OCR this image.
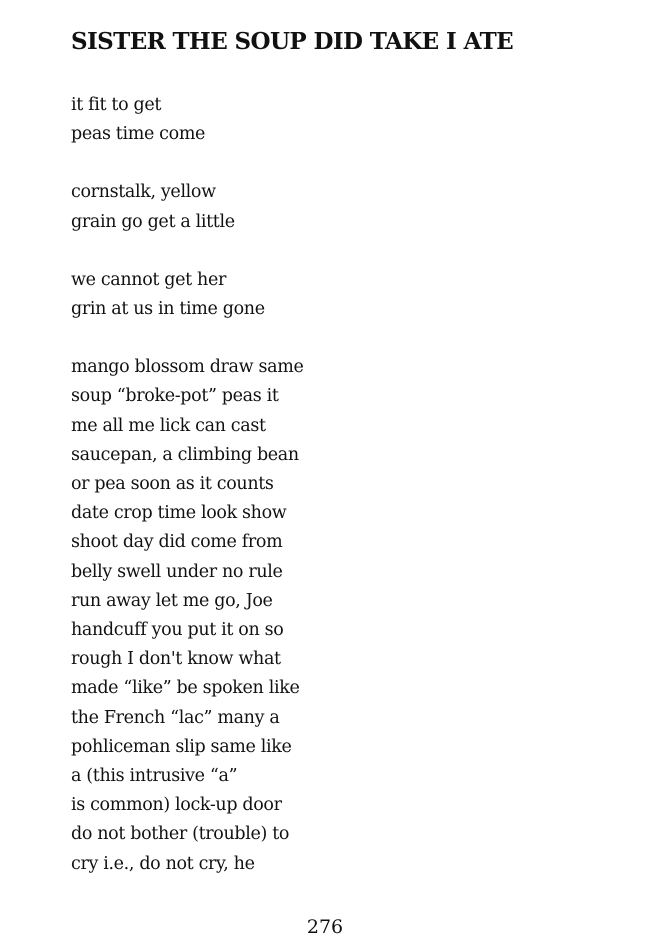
SISTER THE SOUP DID TAKE I ATE
it fit to get
peas time come
cornstalk, yellow
grain go get a little
we cannot get her
grin at us in time gone
mango blossom draw same
soup “broke-pot” peas it
me all me lick can cast
saucepan, a climbing bean
or pea soon as it counts
date crop time look show
shoot day did come from
belly swell under no rule
run away let me go, Joe
handcuff you put it on so
rough I don't know what
made “like” be spoken like
the French “lac” many a
pohliceman slip same like
a (this intrusive “a”
is common) lock-up door
do not bother (trouble) to
cry i.e., do not cry, he
276
